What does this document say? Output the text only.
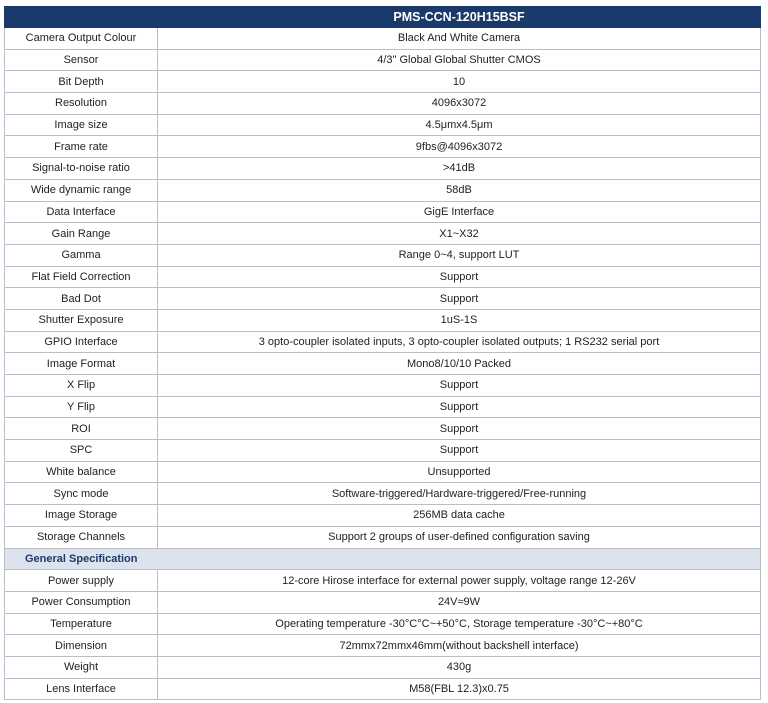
	PMS-CCN-120H15BSF
Camera Output Colour	Black And White Camera
Sensor	4/3" Global Global Shutter CMOS
Bit Depth	10
Resolution	4096x3072
Image size	4.5μmx4.5μm
Frame rate	9fbs@4096x3072
Signal-to-noise ratio	>41dB
Wide dynamic range	58dB
Data Interface	GigE Interface
Gain Range	X1~X32
Gamma	Range 0~4, support LUT
Flat Field Correction	Support
Bad Dot	Support
Shutter Exposure	1uS-1S
GPIO Interface	3 opto-coupler isolated inputs, 3 opto-coupler isolated outputs; 1 RS232 serial port
Image Format	Mono8/10/10 Packed
X Flip	Support
Y Flip	Support
ROI	Support
SPC	Support
White balance	Unsupported
Sync mode	Software-triggered/Hardware-triggered/Free-running
Image Storage	256MB data cache
Storage Channels	Support 2 groups of user-defined configuration saving
General Specification	
Power supply	12-core Hirose interface for external power supply, voltage range 12-26V
Power Consumption	24V≈9W
Temperature	Operating temperature -30°C°C~+50°C, Storage temperature -30°C~+80°C
Dimension	72mmx72mmx46mm(without backshell interface)
Weight	430g
Lens Interface	M58(FBL 12.3)x0.75
